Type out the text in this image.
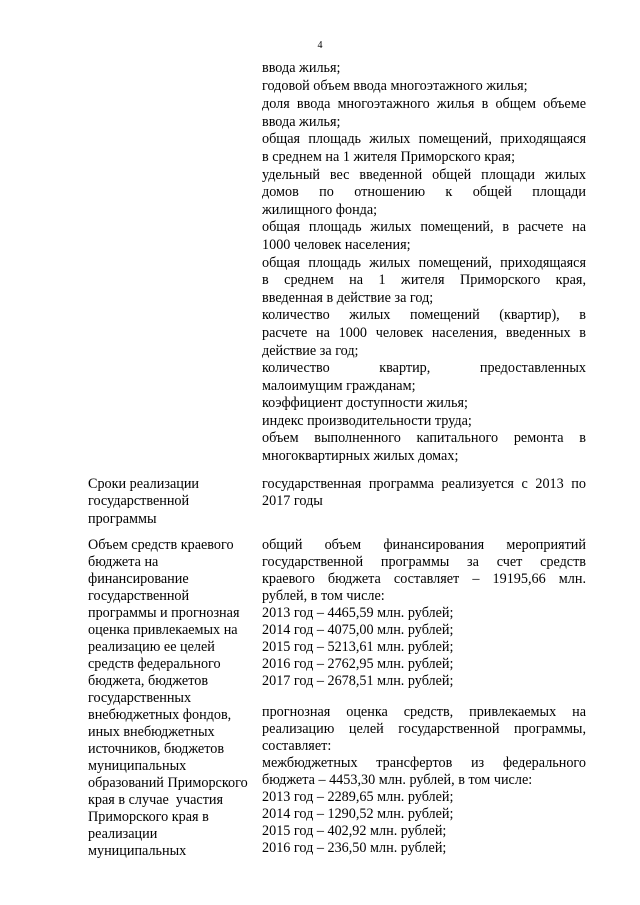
4
ввода жилья;
годовой объем ввода многоэтажного жилья;
доля ввода многоэтажного жилья в общем объеме
ввода жилья;
общая площадь жилых помещений, приходящаяся
в среднем на 1 жителя Приморского края;
удельный вес введенной общей площади жилых
домов по отношению к общей площади
жилищного фонда;
общая площадь жилых помещений, в расчете на
1000 человек населения;
общая площадь жилых помещений, приходящаяся
в среднем на 1 жителя Приморского края,
введенная в действие за год;
количество жилых помещений (квартир), в
расчете на 1000 человек населения, введенных в
действие за год;
количество квартир, предоставленных
малоимущим гражданам;
коэффициент доступности жилья;
индекс производительности труда;
объем выполненного капитального ремонта в
многоквартирных жилых домах;
Сроки реализации
государственной
программы
государственная программа реализуется с 2013 по
2017 годы
Объем средств краевого
бюджета на
финансирование
государственной
программы и прогнозная
оценка привлекаемых на
реализацию ее целей
средств федерального
бюджета, бюджетов
государственных
внебюджетных фондов,
иных внебюджетных
источников, бюджетов
муниципальных
образований Приморского
края в случае  участия
Приморского края в
реализации
муниципальных
общий объем финансирования мероприятий
государственной программы за счет средств
краевого бюджета составляет – 19195,66 млн.
рублей, в том числе:
2013 год – 4465,59 млн. рублей;
2014 год – 4075,00 млн. рублей;
2015 год – 5213,61 млн. рублей;
2016 год – 2762,95 млн. рублей;
2017 год – 2678,51 млн. рублей;
прогнозная оценка средств, привлекаемых на
реализацию целей государственной программы,
составляет:
межбюджетных трансфертов из федерального
бюджета – 4453,30 млн. рублей, в том числе:
2013 год – 2289,65 млн. рублей;
2014 год – 1290,52 млн. рублей;
2015 год – 402,92 млн. рублей;
2016 год – 236,50 млн. рублей;
